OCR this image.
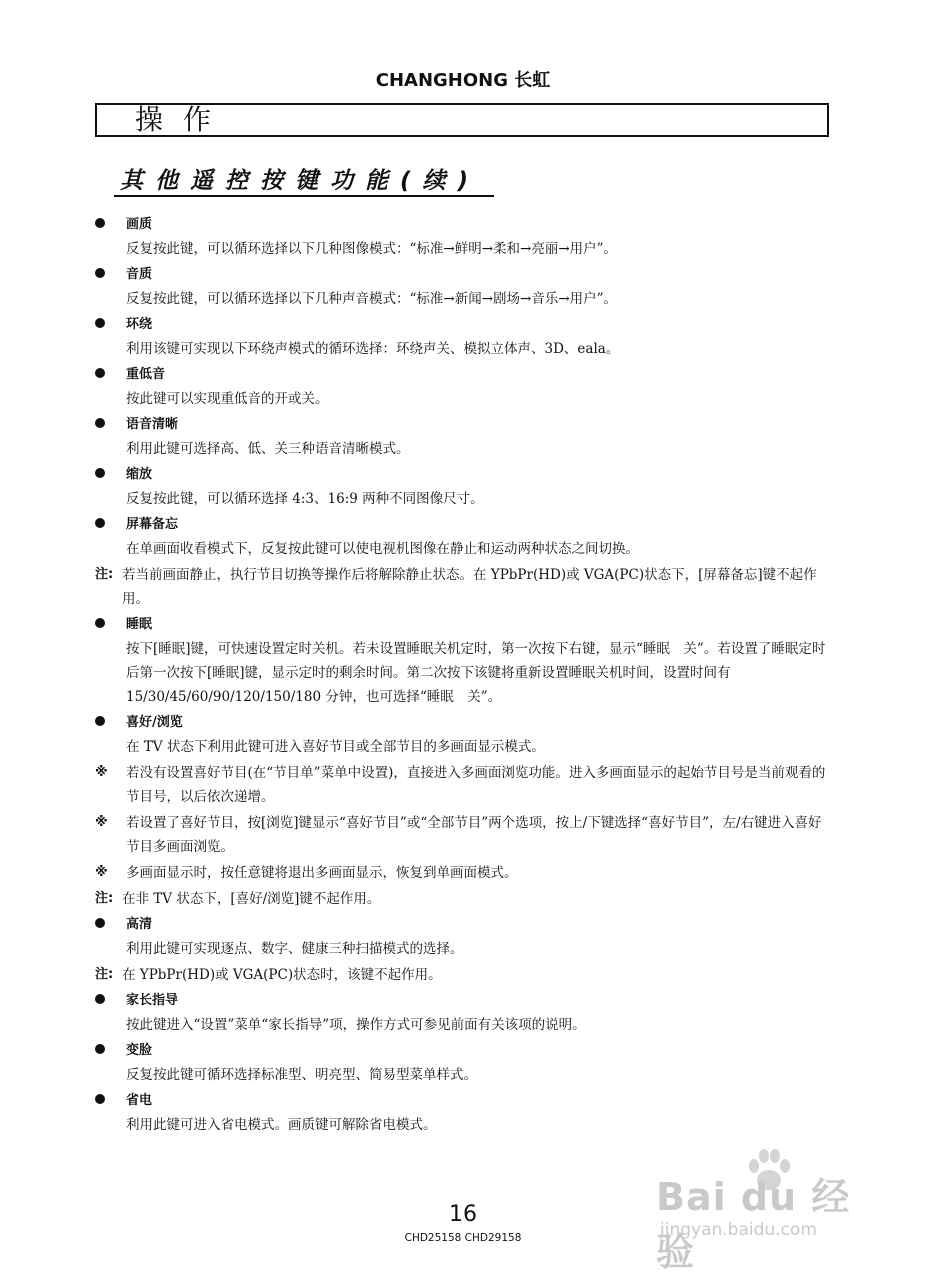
CHANGHONG 长虹
操作
其他遥控按键功能(续)
画质
反复按此键，可以循环选择以下几种图像模式：“标准→鲜明→柔和→亮丽→用户”。
音质
反复按此键，可以循环选择以下几种声音模式：“标准→新闻→剧场→音乐→用户”。
环绕
利用该键可实现以下环绕声模式的循环选择：环绕声关、模拟立体声、3D、eala。
重低音
按此键可以实现重低音的开或关。
语音清晰
利用此键可选择高、低、关三种语音清晰模式。
缩放
反复按此键，可以循环选择 4:3、16:9 两种不同图像尺寸。
屏幕备忘
在单画面收看模式下，反复按此键可以使电视机图像在静止和运动两种状态之间切换。
注: 若当前画面静止，执行节目切换等操作后将解除静止状态。在 YPbPr(HD)或 VGA(PC)状态下，[屏幕备忘]键不起作用。
睡眠
按下[睡眠]键，可快速设置定时关机。若未设置睡眠关机定时，第一次按下右键，显示“睡眠　关”。若设置了睡眠定时后第一次按下[睡眠]键，显示定时的剩余时间。第二次按下该键将重新设置睡眠关机时间，设置时间有 15/30/45/60/90/120/150/180 分钟，也可选择“睡眠　关”。
喜好/浏览
在 TV 状态下利用此键可进入喜好节目或全部节目的多画面显示模式。
※ 若没有设置喜好节目(在“节目单”菜单中设置)，直接进入多画面浏览功能。进入多画面显示的起始节目号是当前观看的节目号，以后依次递增。
※ 若设置了喜好节目，按[浏览]键显示“喜好节目”或“全部节目”两个选项，按上/下键选择“喜好节目”，左/右键进入喜好节目多画面浏览。
※ 多画面显示时，按任意键将退出多画面显示，恢复到单画面模式。
注: 在非 TV 状态下，[喜好/浏览]键不起作用。
高清
利用此键可实现逐点、数字、健康三种扫描模式的选择。
注: 在 YPbPr(HD)或 VGA(PC)状态时，该键不起作用。
家长指导
按此键进入“设置”菜单“家长指导”项，操作方式可参见前面有关该项的说明。
变脸
反复按此键可循环选择标准型、明亮型、简易型菜单样式。
省电
利用此键可进入省电模式。画质键可解除省电模式。
Bai du 经验
jingyan.baidu.com
16
CHD25158 CHD29158
